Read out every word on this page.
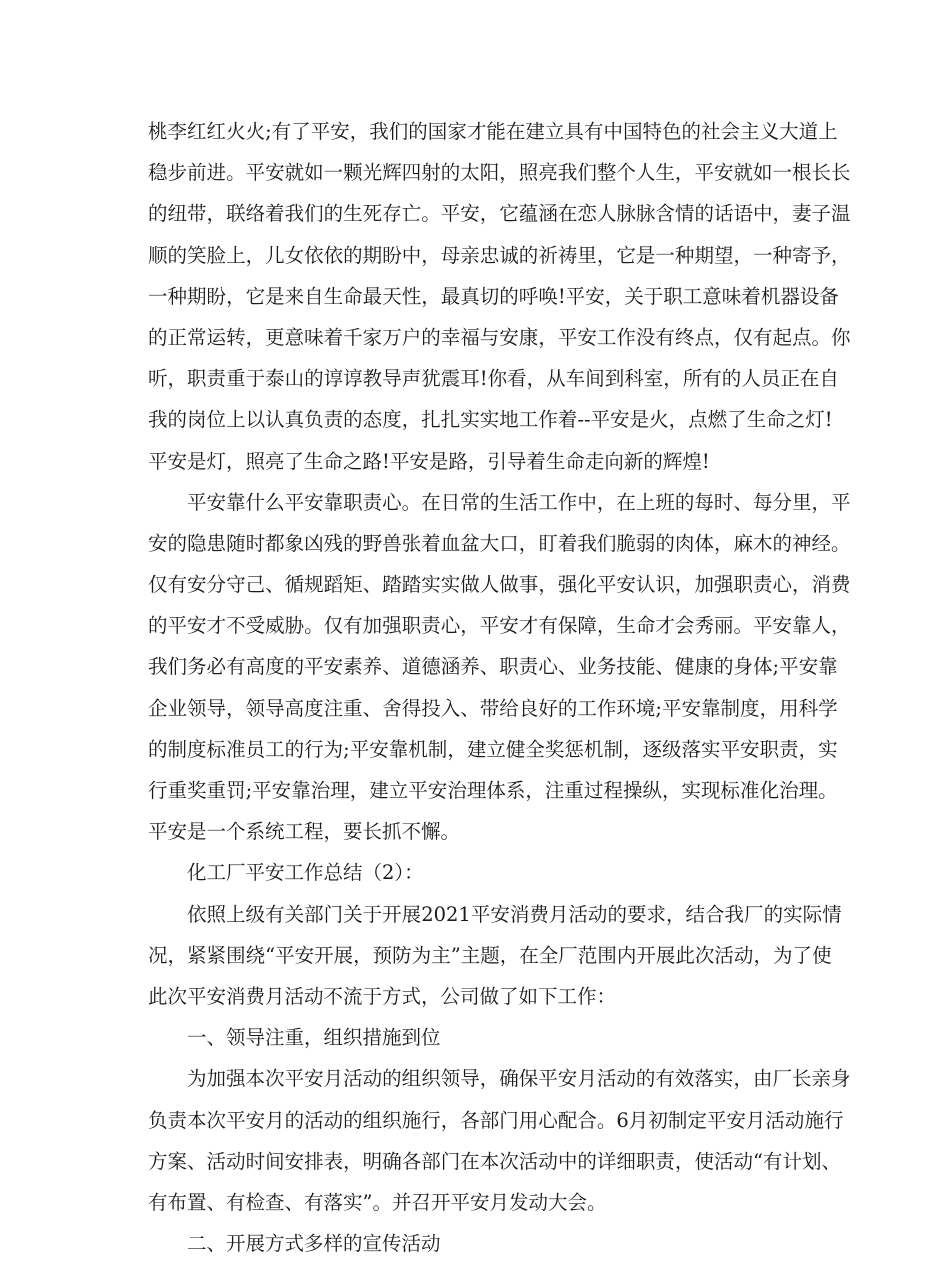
桃 李 红 红 火 火 ; 有 了 平 安 ， 我 们 的 国 家 才 能 在 建 立 具 有 中 国 特 色 的 社 会 主 义 大 道 上
稳 步 前 进 。 平 安 就 如 一 颗 光 辉 四 射 的 太 阳 ， 照 亮 我 们 整 个 人 生 ， 平 安 就 如 一 根 长 长
的 纽 带 ， 联 络 着 我 们 的 生 死 存 亡 。 平 安 ， 它 蕴 涵 在 恋 人 脉 脉 含 情 的 话 语 中 ， 妻 子 温
顺 的 笑 脸 上 ， 儿 女 依 依 的 期 盼 中 ， 母 亲 忠 诚 的 祈 祷 里 ， 它 是 一 种 期 望 ， 一 种 寄 予 ，
一 种 期 盼 ， 它 是 来 自 生 命 最 天 性 ， 最 真 切 的 呼 唤 ! 平 安 ， 关 于 职 工 意 味 着 机 器 设 备
的 正 常 运 转 ， 更 意 味 着 千 家 万 户 的 幸 福 与 安 康 ， 平 安 工 作 没 有 终 点 ， 仅 有 起 点 。 你
听 ， 职 责 重 于 泰 山 的 谆 谆 教 导 声 犹 震 耳 ! 你 看 ， 从 车 间 到 科 室 ， 所 有 的 人 员 正 在 自
我 的 岗 位 上 以 认 真 负 责 的 态 度 ， 扎 扎 实 实 地 工 作 着 - - 平 安 是 火 ， 点 燃 了 生 命 之 灯 !
平安是灯，照亮了生命之路!平安是路，引导着生命走向新的辉煌!
平 安 靠 什 么 平 安 靠 职 责 心 。 在 日 常 的 生 活 工 作 中 ， 在 上 班 的 每 时 、 每 分 里 ， 平
安 的 隐 患 随 时 都 象 凶 残 的 野 兽 张 着 血 盆 大 口 ， 盯 着 我 们 脆 弱 的 肉 体 ， 麻 木 的 神 经 。
仅 有 安 分 守 己 、 循 规 蹈 矩 、 踏 踏 实 实 做 人 做 事 ， 强 化 平 安 认 识 ， 加 强 职 责 心 ， 消 费
的 平 安 才 不 受 威 胁 。 仅 有 加 强 职 责 心 ， 平 安 才 有 保 障 ， 生 命 才 会 秀 丽 。 平 安 靠 人 ，
我 们 务 必 有 高 度 的 平 安 素 养 、 道 德 涵 养 、 职 责 心 、 业 务 技 能 、 健 康 的 身 体 ; 平 安 靠
企 业 领 导 ， 领 导 高 度 注 重 、 舍 得 投 入 、 带 给 良 好 的 工 作 环 境 ; 平 安 靠 制 度 ， 用 科 学
的 制 度 标 准 员 工 的 行 为 ; 平 安 靠 机 制 ， 建 立 健 全 奖 惩 机 制 ， 逐 级 落 实 平 安 职 责 ， 实
行 重 奖 重 罚 ; 平 安 靠 治 理 ， 建 立 平 安 治 理 体 系 ， 注 重 过 程 操 纵 ， 实 现 标 准 化 治 理 。
平安是一个系统工程，要长抓不懈。
化工厂平安工作总结（2）：
依 照 上 级 有 关 部 门 关 于 开 展 2021 平 安 消 费 月 活 动 的 要 求 ， 结 合 我 厂 的 实 际 情
况 ， 紧 紧 围 绕 “ 平 安 开 展 ， 预 防 为 主 ” 主 题 ， 在 全 厂 范 围 内 开 展 此 次 活 动 ， 为 了 使
此次平安消费月活动不流于方式，公司做了如下工作：
一、领导注重，组织措施到位
为 加 强 本 次 平 安 月 活 动 的 组 织 领 导 ， 确 保 平 安 月 活 动 的 有 效 落 实 ， 由 厂 长 亲 身
负 责 本 次 平 安 月 的 活 动 的 组 织 施 行 ， 各 部 门 用 心 配 合 。 6 月 初 制 定 平 安 月 活 动 施 行
方 案 、 活 动 时 间 安 排 表 ， 明 确 各 部 门 在 本 次 活 动 中 的 详 细 职 责 ， 使 活 动 “ 有 计 划 、
有布置、有检查、有落实”。并召开平安月发动大会。
二、开展方式多样的宣传活动
